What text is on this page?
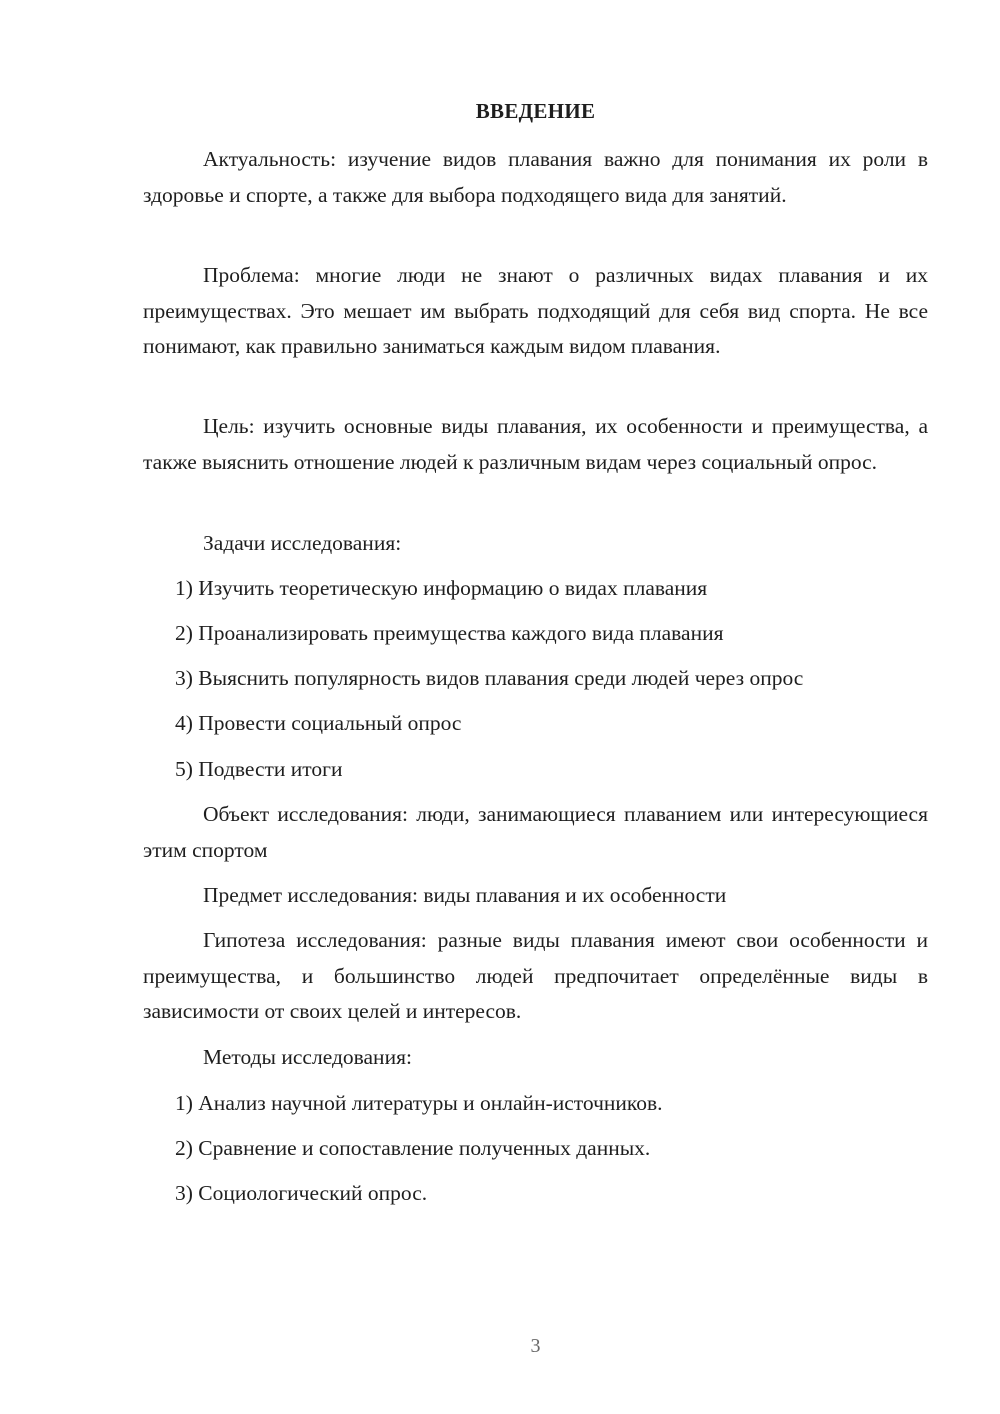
ВВЕДЕНИЕ

Актуальность: изучение видов плавания важно для понимания их роли в здоровье и спорте, а также для выбора подходящего вида для занятий.

Проблема: многие люди не знают о различных видах плавания и их преимуществах. Это мешает им выбрать подходящий для себя вид спорта. Не все понимают, как правильно заниматься каждым видом плавания.

Цель: изучить основные виды плавания, их особенности и преимущества, а также выяснить отношение людей к различным видам через социальный опрос.

Задачи исследования:

1) Изучить теоретическую информацию о видах плавания

2) Проанализировать преимущества каждого вида плавания

3) Выяснить популярность видов плавания среди людей через опрос

4) Провести социальный опрос

5) Подвести итоги

Объект исследования: люди, занимающиеся плаванием или интересующиеся этим спортом

Предмет исследования: виды плавания и их особенности

Гипотеза исследования: разные виды плавания имеют свои особенности и преимущества, и большинство людей предпочитает определённые виды в зависимости от своих целей и интересов.

Методы исследования:

1) Анализ научной литературы и онлайн-источников.

2) Сравнение и сопоставление полученных данных.

3) Социологический опрос.

3
